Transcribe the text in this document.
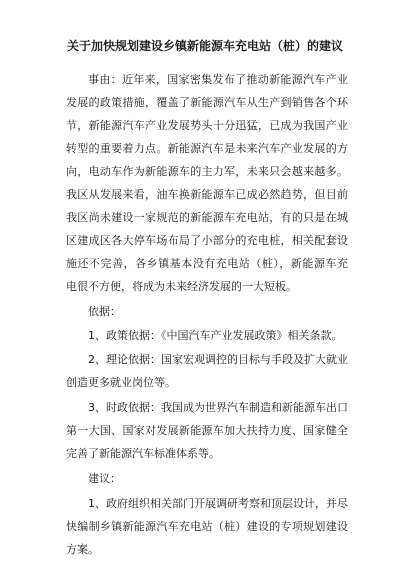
关于加快规划建设乡镇新能源车充电站（桩）的建议
事由：近年来，国家密集发布了推动新能源汽车产业
发展的政策措施，覆盖了新能源汽车从生产到销售各个环
节，新能源汽车产业发展势头十分迅猛，已成为我国产业
转型的重要着力点。新能源汽车是未来汽车产业发展的方
向，电动车作为新能源车的主力军，未来只会越来越多。
我区从发展来看，油车换新能源车已成必然趋势，但目前
我区尚未建设一家规范的新能源车充电站，有的只是在城
区建成区各大停车场布局了小部分的充电桩，相关配套设
施还不完善，各乡镇基本没有充电站（桩），新能源车充
电很不方便，将成为未来经济发展的一大短板。
依据：
1、政策依据：《中国汽车产业发展政策》相关条款。
2、理论依据：国家宏观调控的目标与手段及扩大就业
创造更多就业岗位等。
3、时政依据：我国成为世界汽车制造和新能源车出口
第一大国、国家对发展新能源车加大扶持力度、国家健全
完善了新能源汽车标准体系等。
建议：
1、政府组织相关部门开展调研考察和顶层设计，并尽
快编制乡镇新能源汽车充电站（桩）建设的专项规划建设
方案。
